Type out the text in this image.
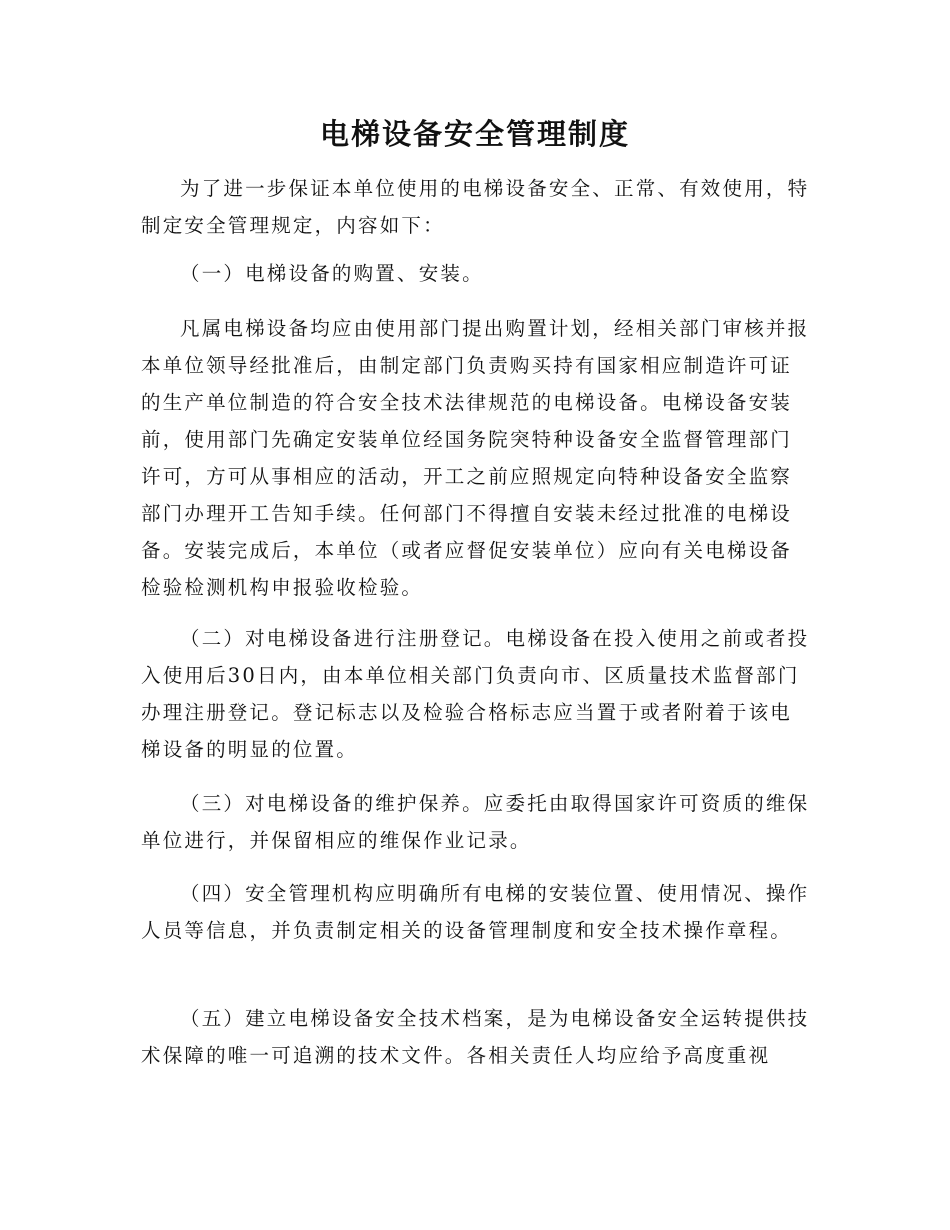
电梯设备安全管理制度

为了进一步保证本单位使用的电梯设备安全、正常、有效使用，特制定安全管理规定，内容如下：

（一）电梯设备的购置、安装。

凡属电梯设备均应由使用部门提出购置计划，经相关部门审核并报本单位领导经批准后，由制定部门负责购买持有国家相应制造许可证的生产单位制造的符合安全技术法律规范的电梯设备。电梯设备安装前，使用部门先确定安装单位经国务院突特种设备安全监督管理部门许可，方可从事相应的活动，开工之前应照规定向特种设备安全监察部门办理开工告知手续。任何部门不得擅自安装未经过批准的电梯设备。安装完成后，本单位（或者应督促安装单位）应向有关电梯设备检验检测机构申报验收检验。

（二）对电梯设备进行注册登记。电梯设备在投入使用之前或者投入使用后30日内，由本单位相关部门负责向市、区质量技术监督部门办理注册登记。登记标志以及检验合格标志应当置于或者附着于该电梯设备的明显的位置。

（三）对电梯设备的维护保养。应委托由取得国家许可资质的维保单位进行，并保留相应的维保作业记录。

（四）安全管理机构应明确所有电梯的安装位置、使用情况、操作人员等信息，并负责制定相关的设备管理制度和安全技术操作章程。

（五）建立电梯设备安全技术档案，是为电梯设备安全运转提供技术保障的唯一可追溯的技术文件。各相关责任人均应给予高度重视
